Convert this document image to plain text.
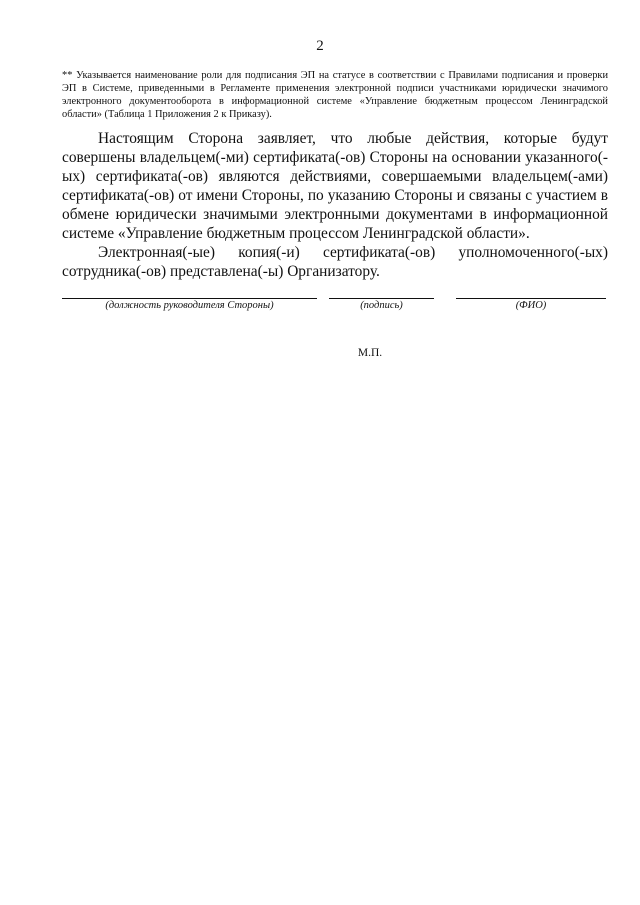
2

** Указывается наименование роли для подписания ЭП на статусе в соответствии с Правилами подписания и проверки ЭП в Системе, приведенными в Регламенте применения электронной подписи участниками юридически значимого электронного документооборота в информационной системе «Управление бюджетным процессом Ленинградской области» (Таблица 1 Приложения 2 к Приказу).

Настоящим Сторона заявляет, что любые действия, которые будут совершены владельцем(-ми) сертификата(-ов) Стороны на основании указанного(-ых) сертификата(-ов) являются действиями, совершаемыми владельцем(-ами) сертификата(-ов) от имени Стороны, по указанию Стороны и связаны с участием в обмене юридически значимыми электронными документами в информационной системе «Управление бюджетным процессом Ленинградской области».

Электронная(-ые) копия(-и) сертификата(-ов) уполномоченного(-ых) сотрудника(-ов) представлена(-ы) Организатору.

(должность руководителя Стороны)	(подпись)	(ФИО)
М.П.
